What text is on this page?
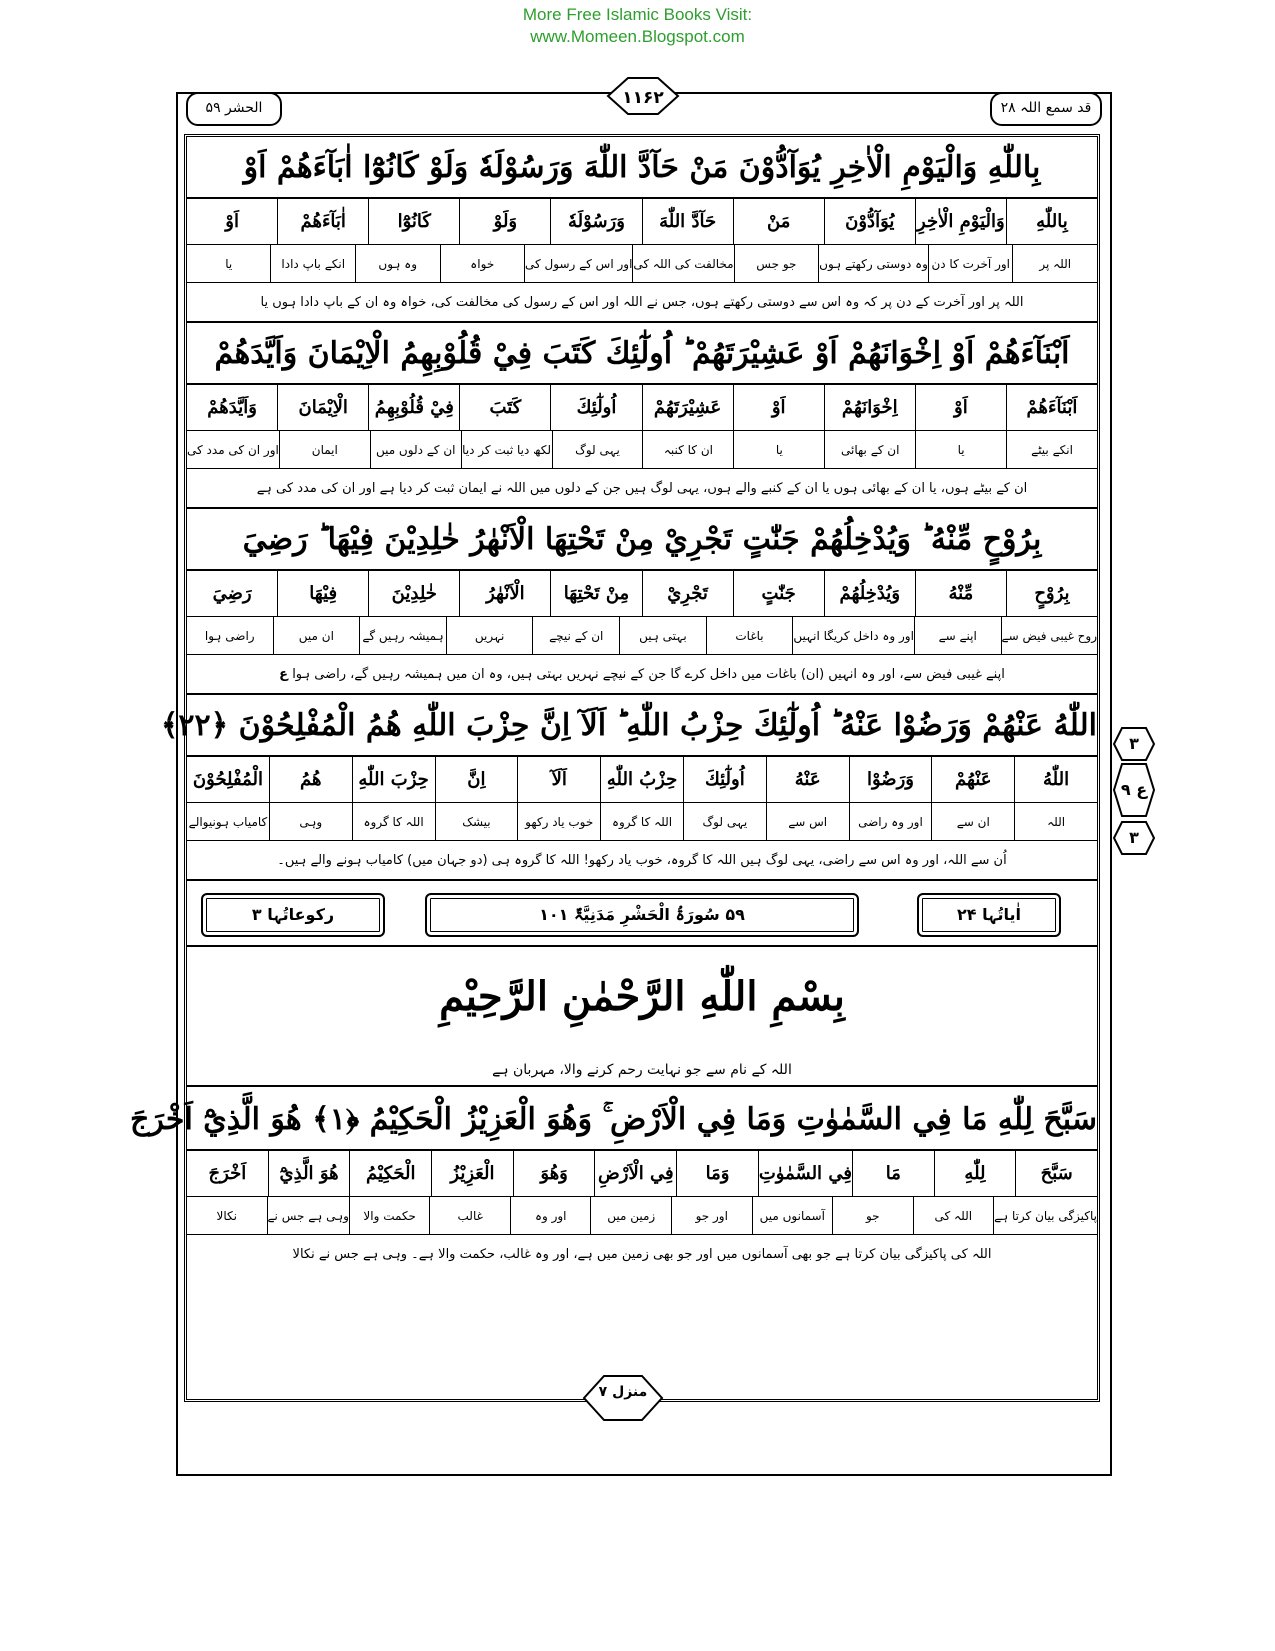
More Free Islamic Books Visit:
www.Momeen.Blogspot.com
الحشر ۵۹	۱۱۶۲	قد سمع اللہ ۲۸
۳
ع ۹
۳
بِاللّٰهِ وَالْيَوْمِ الْاٰخِرِ يُوَآدُّوْنَ مَنْ حَآدَّ اللّٰهَ وَرَسُوْلَهٗ وَلَوْ كَانُوْٓا اٰبَآءَهُمْ اَوْ
بِاللّٰهِ
وَالْيَوْمِ الْاٰخِرِ
يُوَآدُّوْنَ
مَنْ
حَآدَّ اللّٰهَ
وَرَسُوْلَهٗ
وَلَوْ
كَانُوْٓا
اٰبَآءَهُمْ
اَوْ
اللہ پر
اور آخرت کا دن
وہ دوستی رکھتے ہوں
جو جس
مخالفت کی اللہ کی
اور اس کے رسول کی
خواہ
وہ ہوں
انکے باپ دادا
یا
اللہ پر اور آخرت کے دن پر کہ وہ اس سے دوستی رکھتے ہوں، جس نے اللہ اور اس کے رسول کی مخالفت کی، خواہ وہ ان کے باپ دادا ہوں یا
اَبْنَآءَهُمْ اَوْ اِخْوَانَهُمْ اَوْ عَشِيْرَتَهُمْ ؕ اُولٰٓئِكَ كَتَبَ فِيْ قُلُوْبِهِمُ الْاِيْمَانَ وَاَيَّدَهُمْ
اَبْنَآءَهُمْ
اَوْ
اِخْوَانَهُمْ
اَوْ
عَشِيْرَتَهُمْ
اُولٰٓئِكَ
كَتَبَ
فِيْ قُلُوْبِهِمُ
الْاِيْمَانَ
وَاَيَّدَهُمْ
انکے بیٹے
یا
ان کے بھائی
یا
ان کا کنبہ
یہی لوگ
لکھ دیا ثبت کر دیا
ان کے دلوں میں
ایمان
اور ان کی مدد کی
ان کے بیٹے ہوں، یا ان کے بھائی ہوں یا ان کے کنبے والے ہوں، یہی لوگ ہیں جن کے دلوں میں اللہ نے ایمان ثبت کر دیا ہے اور ان کی مدد کی ہے
بِرُوْحٍ مِّنْهُ ؕ وَيُدْخِلُهُمْ جَنّٰتٍ تَجْرِيْ مِنْ تَحْتِهَا الْاَنْهٰرُ خٰلِدِيْنَ فِيْهَا ؕ رَضِيَ
بِرُوْحٍ
مِّنْهُ
وَيُدْخِلُهُمْ
جَنّٰتٍ
تَجْرِيْ
مِنْ تَحْتِهَا
الْاَنْهٰرُ
خٰلِدِيْنَ
فِيْهَا
رَضِيَ
روح غیبی فیض سے
اپنے سے
اور وہ داخل کریگا انہیں
باغات
بہتی ہیں
ان کے نیچے
نہریں
ہمیشہ رہیں گے
ان میں
راضی ہوا
اپنے غیبی فیض سے، اور وہ انہیں (ان) باغات میں داخل کرے گا جن کے نیچے نہریں بہتی ہیں، وہ ان میں ہمیشہ رہیں گے، راضی ہوا ع
اللّٰهُ عَنْهُمْ وَرَضُوْا عَنْهُ ؕ اُولٰٓئِكَ حِزْبُ اللّٰهِ ؕ اَلَآ اِنَّ حِزْبَ اللّٰهِ هُمُ الْمُفْلِحُوْنَ ﴿۲۲﴾
اللّٰهُ
عَنْهُمْ
وَرَضُوْا
عَنْهُ
اُولٰٓئِكَ
حِزْبُ اللّٰهِ
اَلَآ
اِنَّ
حِزْبَ اللّٰهِ
هُمُ
الْمُفْلِحُوْنَ
اللہ
ان سے
اور وہ راضی
اس سے
یہی لوگ
اللہ کا گروہ
خوب یاد رکھو
بیشک
اللہ کا گروہ
وہی
کامیاب ہونیوالے
اُن سے اللہ، اور وہ اس سے راضی، یہی لوگ ہیں اللہ کا گروہ، خوب یاد رکھو! اللہ کا گروہ ہی (دو جہان میں) کامیاب ہونے والے ہیں۔
اٰیاتُہا ۲۴
۵۹ سُورَۃُ الْحَشْرِ مَدَنِیَّۃٌ ۱۰۱
رکوعاتُہا ۳
بِسْمِ اللّٰهِ الرَّحْمٰنِ الرَّحِيْمِ
اللہ کے نام سے جو نہایت رحم کرنے والا، مہربان ہے
سَبَّحَ لِلّٰهِ مَا فِي السَّمٰوٰتِ وَمَا فِي الْاَرْضِ ۚ وَهُوَ الْعَزِيْزُ الْحَكِيْمُ ﴿۱﴾ هُوَ الَّذِيْٓ اَخْرَجَ
سَبَّحَ
لِلّٰهِ
مَا
فِي السَّمٰوٰتِ
وَمَا
فِي الْاَرْضِ
وَهُوَ
الْعَزِيْزُ
الْحَكِيْمُ
هُوَ الَّذِيْٓ
اَخْرَجَ
پاکیزگی بیان کرتا ہے
اللہ کی
جو
آسمانوں میں
اور جو
زمین میں
اور وہ
غالب
حکمت والا
وہی ہے جس نے
نکالا
اللہ کی پاکیزگی بیان کرتا ہے جو بھی آسمانوں میں اور جو بھی زمین میں ہے، اور وہ غالب، حکمت والا ہے۔ وہی ہے جس نے نکالا
منزل ۷
